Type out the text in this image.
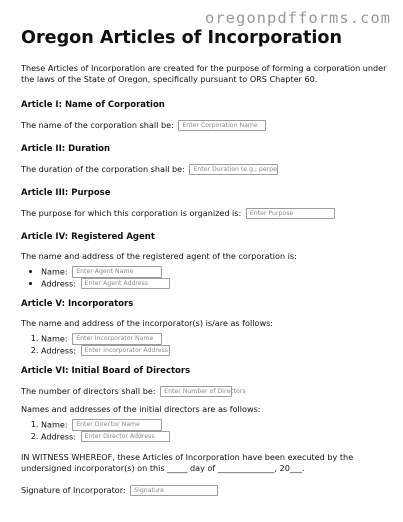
oregonpdfforms.com
Oregon Articles of Incorporation

These Articles of Incorporation are created for the purpose of forming a corporation under the laws of the State of Oregon, specifically pursuant to ORS Chapter 60.

Article I: Name of Corporation

The name of the corporation shall be: Enter Corporation Name

Article II: Duration

The duration of the corporation shall be: Enter Duration (e.g., perpe

Article III: Purpose

The purpose for which this corporation is organized is: Enter Purpose

Article IV: Registered Agent

The name and address of the registered agent of the corporation is:

• Name: Enter Agent Name
• Address: Enter Agent Address
Article V: Incorporators

The name and address of the incorporator(s) is/are as follows:

1. Name: Enter Incorporator Name
2. Address: Enter Incorporator Address
Article VI: Initial Board of Directors

The number of directors shall be: Enter Number of Directors

Names and addresses of the initial directors are as follows:

1. Name: Enter Director Name
2. Address: Enter Director Address

IN WITNESS WHEREOF, these Articles of Incorporation have been executed by the undersigned incorporator(s) on this _____ day of ______________, 20___.

Signature of Incorporator: Signature
